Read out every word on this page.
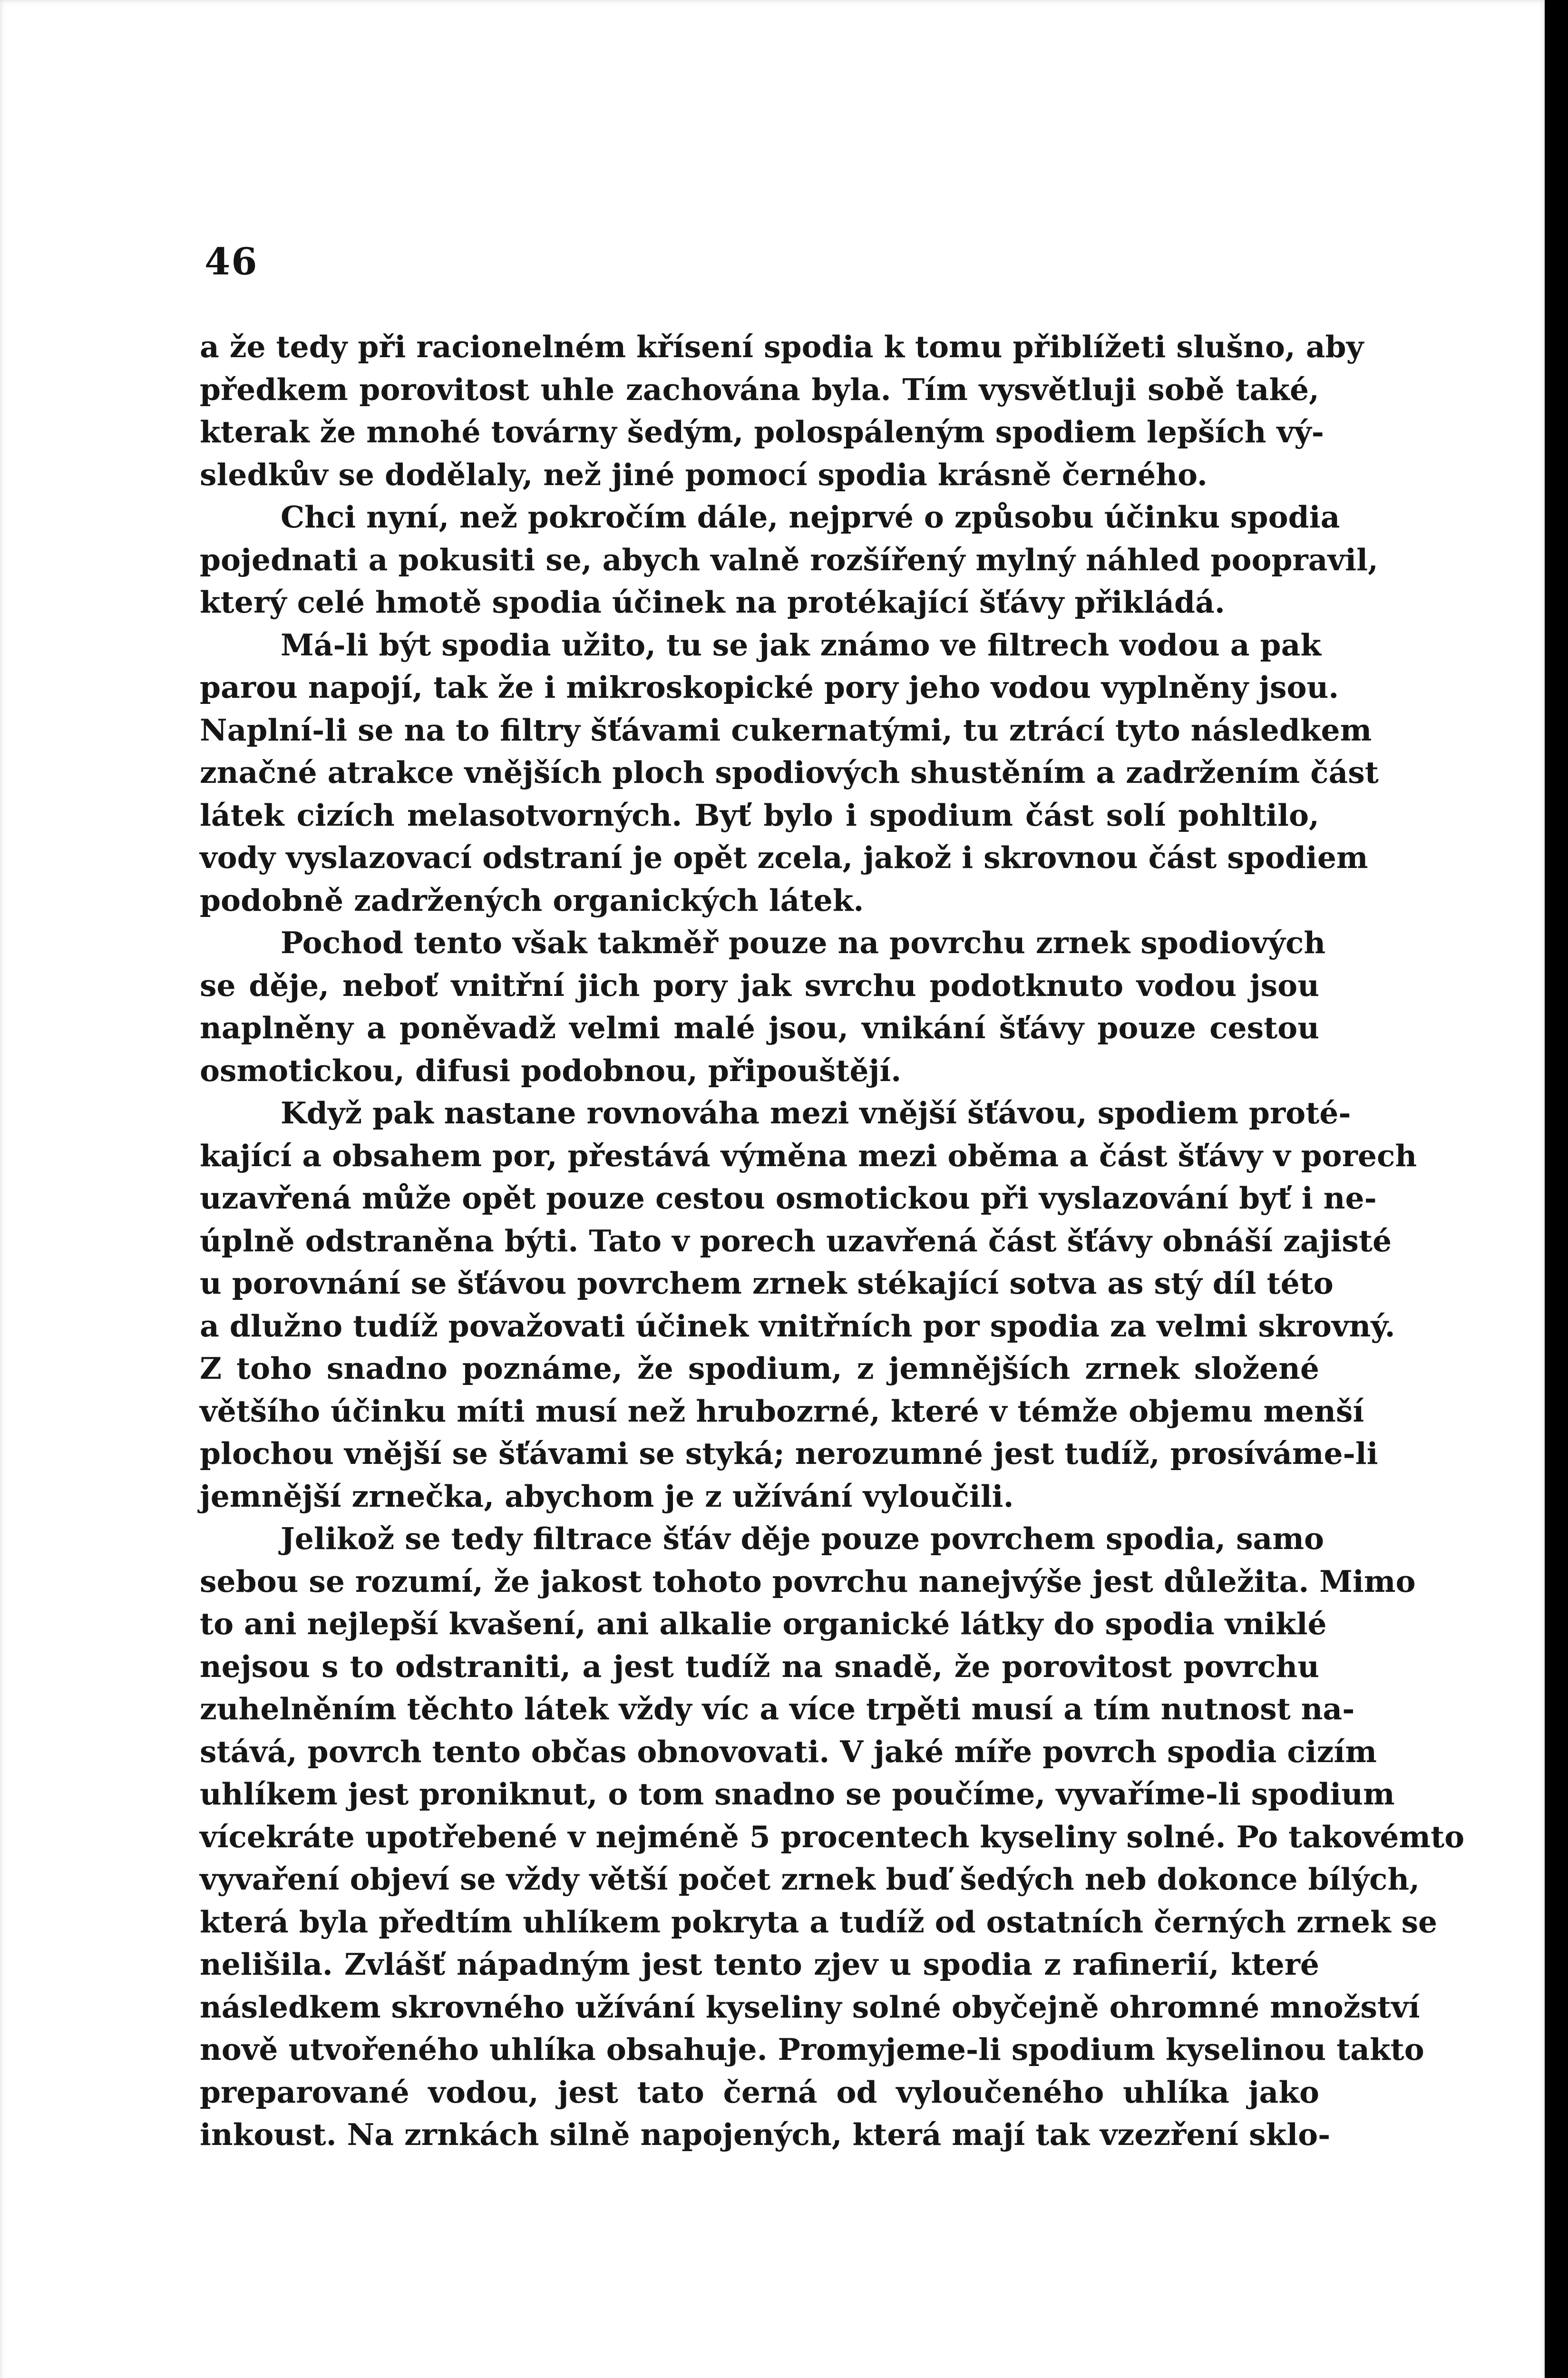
46
a že tedy při racionelném křísení spodia k tomu přiblížeti slušno, aby
předkem porovitost uhle zachována byla. Tím vysvětluji sobě také,
kterak že mnohé továrny šedým, polospáleným spodiem lepších vý-
sledkův se dodělaly, než jiné pomocí spodia krásně černého.
Chci nyní, než pokročím dále, nejprvé o způsobu účinku spodia
pojednati a pokusiti se, abych valně rozšířený mylný náhled poopravil,
který celé hmotě spodia účinek na protékající šťávy přikládá.
Má-li být spodia užito, tu se jak známo ve filtrech vodou a pak
parou napojí, tak že i mikroskopické pory jeho vodou vyplněny jsou.
Naplní-li se na to filtry šťávami cukernatými, tu ztrácí tyto následkem
značné atrakce vnějších ploch spodiových shustěním a zadržením část
látek cizích melasotvorných. Byť bylo i spodium část solí pohltilo,
vody vyslazovací odstraní je opět zcela, jakož i skrovnou část spodiem
podobně zadržených organických látek.
Pochod tento však takměř pouze na povrchu zrnek spodiových
se děje, neboť vnitřní jich pory jak svrchu podotknuto vodou jsou
naplněny a poněvadž velmi malé jsou, vnikání šťávy pouze cestou
osmotickou, difusi podobnou, připouštějí.
Když pak nastane rovnováha mezi vnější šťávou, spodiem proté-
kající a obsahem por, přestává výměna mezi oběma a část šťávy v porech
uzavřená může opět pouze cestou osmotickou při vyslazování byť i ne-
úplně odstraněna býti. Tato v porech uzavřená část šťávy obnáší zajisté
u porovnání se šťávou povrchem zrnek stékající sotva as stý díl této
a dlužno tudíž považovati účinek vnitřních por spodia za velmi skrovný.
Z toho snadno poznáme, že spodium, z jemnějších zrnek složené
většího účinku míti musí než hrubozrné, které v témže objemu menší
plochou vnější se šťávami se styká; nerozumné jest tudíž, prosíváme-li
jemnější zrnečka, abychom je z užívání vyloučili.
Jelikož se tedy filtrace šťáv děje pouze povrchem spodia, samo
sebou se rozumí, že jakost tohoto povrchu nanejvýše jest důležita. Mimo
to ani nejlepší kvašení, ani alkalie organické látky do spodia vniklé
nejsou s to odstraniti, a jest tudíž na snadě, že porovitost povrchu
zuhelněním těchto látek vždy víc a více trpěti musí a tím nutnost na-
stává, povrch tento občas obnovovati. V jaké míře povrch spodia cizím
uhlíkem jest proniknut, o tom snadno se poučíme, vyvaříme-li spodium
vícekráte upotřebené v nejméně 5 procentech kyseliny solné. Po takovémto
vyvaření objeví se vždy větší počet zrnek buď šedých neb dokonce bílých,
která byla předtím uhlíkem pokryta a tudíž od ostatních černých zrnek se
nelišila. Zvlášť nápadným jest tento zjev u spodia z rafinerií, které
následkem skrovného užívání kyseliny solné obyčejně ohromné množství
nově utvořeného uhlíka obsahuje. Promyjeme-li spodium kyselinou takto
preparované vodou, jest tato černá od vyloučeného uhlíka jako
inkoust. Na zrnkách silně napojených, která mají tak vzezření sklo-
